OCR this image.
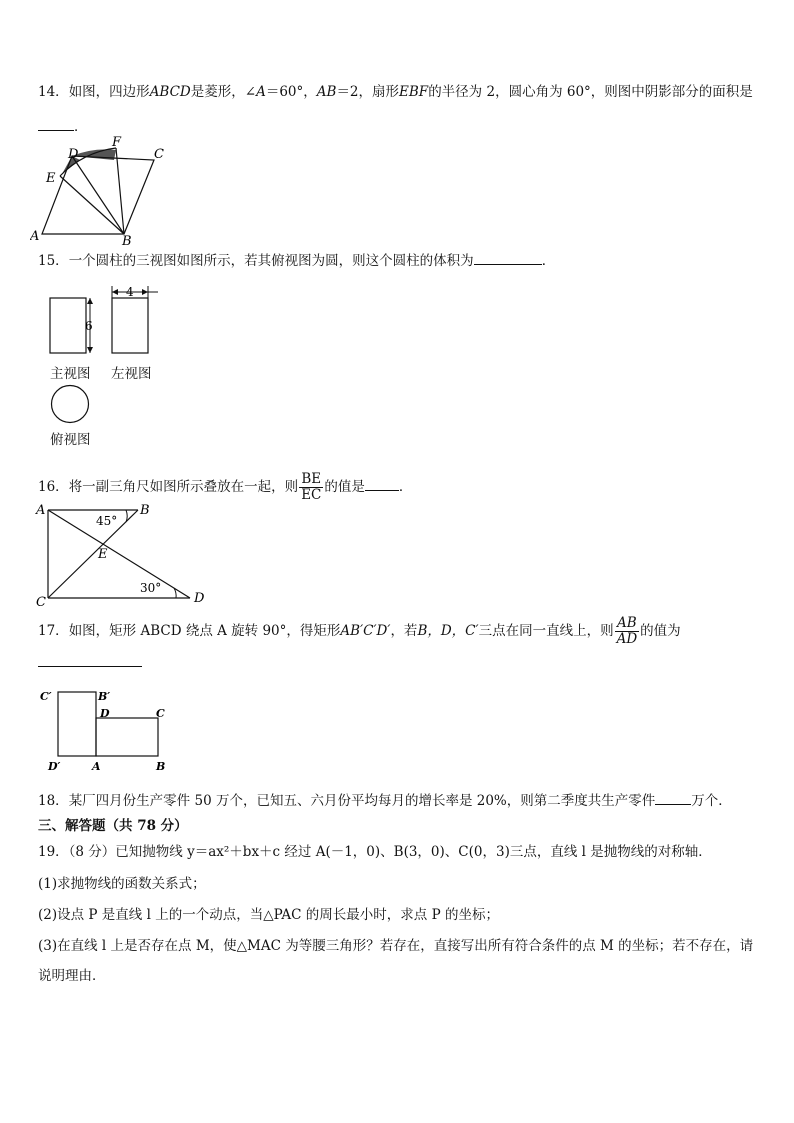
14．如图，四边形ABCD是菱形，∠A＝60°，AB＝2，扇形EBF的半径为 2，圆心角为 60°，则图中阴影部分的面积是
．
A	B
C
D
E
F
15．一个圆柱的三视图如图所示，若其俯视图为圆，则这个圆柱的体积为	．
6
4
主视图 左视图
俯视图
16．将一副三角尺如图所示叠放在一起，则 $\frac{BE}{EC}$ 的值是	．
A	B
C	D
E
45°
30°
17．如图，矩形 ABCD 绕点 A 旋转 90°，得矩形AB′C′D′，若B，D，C′三点在同一直线上，则 $\frac{AB}{AD}$ 的值为
C′	B′
D	C
D′	A	B
18．某厂四月份生产零件 50 万个，已知五、六月份平均每月的增长率是 20%，则第二季度共生产零件	万个．
三、解答题（共 78 分）
19．（8 分）已知抛物线 y＝ax²＋bx＋c 经过 A(－1，0)、B(3，0)、C(0，3)三点，直线 l 是抛物线的对称轴．
(1)求抛物线的函数关系式；
(2)设点 P 是直线 l 上的一个动点，当△PAC 的周长最小时，求点 P 的坐标；
(3)在直线 l 上是否存在点 M，使△MAC 为等腰三角形？若存在，直接写出所有符合条件的点 M 的坐标；若不存在，请
说明理由．
